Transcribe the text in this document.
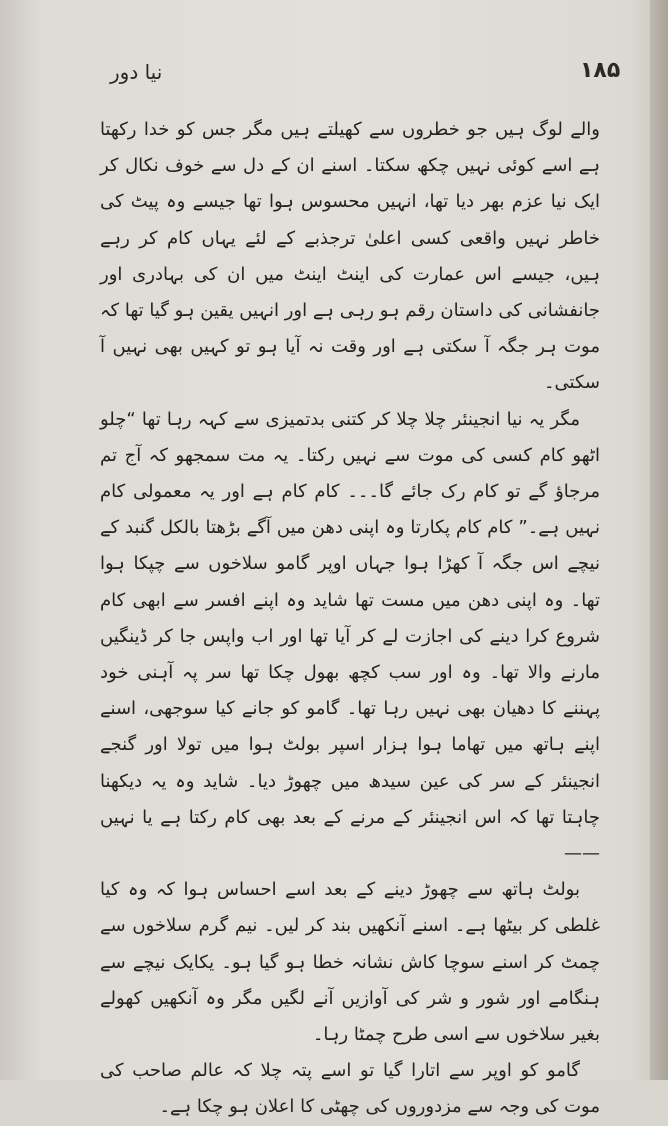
۱۸۵
نیا دور

والے لوگ ہیں جو خطروں سے کھیلتے ہیں مگر جس کو خدا رکھتا ہے اسے کوئی نہیں چکھ سکتا۔ اسنے ان کے دل سے خوف نکال کر ایک نیا عزم بھر دیا تھا، انہیں محسوس ہوا تھا جیسے وہ پیٹ کی خاطر نہیں واقعی کسی اعلیٰ ترجذبے کے لئے یہاں کام کر رہے ہیں، جیسے اس عمارت کی اینٹ اینٹ میں ان کی بہادری اور جانفشانی کی داستان رقم ہو رہی ہے اور انہیں یقین ہو گیا تھا کہ موت ہر جگہ آ سکتی ہے اور وقت نہ آیا ہو تو کہیں بھی نہیں آ سکتی۔

مگر یہ نیا انجینئر چلا چلا کر کتنی بدتمیزی سے کہہ رہا تھا “چلو اٹھو کام کسی کی موت سے نہیں رکتا۔ یہ مت سمجھو کہ آج تم مرجاؤ گے تو کام رک جائے گا۔۔۔ کام کام ہے اور یہ معمولی کام نہیں ہے۔” کام کام پکارتا وہ اپنی دھن میں آگے بڑھتا بالکل گنبد کے نیچے اس جگہ آ کھڑا ہوا جہاں اوپر گامو سلاخوں سے چپکا ہوا تھا۔ وہ اپنی دھن میں مست تھا شاید وہ اپنے افسر سے ابھی کام شروع کرا دینے کی اجازت لے کر آیا تھا اور اب واپس جا کر ڈینگیں مارنے والا تھا۔ وہ اور سب کچھ بھول چکا تھا سر پہ آہنی خود پہننے کا دھیان بھی نہیں رہا تھا۔ گامو کو جانے کیا سوجھی، اسنے اپنے ہاتھ میں تھاما ہوا ہزار اسپر بولٹ ہوا میں تولا اور گنجے انجینئر کے سر کی عین سیدھ میں چھوڑ دیا۔ شاید وہ یہ دیکھنا چاہتا تھا کہ اس انجینئر کے مرنے کے بعد بھی کام رکتا ہے یا نہیں ——

بولٹ ہاتھ سے چھوڑ دینے کے بعد اسے احساس ہوا کہ وہ کیا غلطی کر بیٹھا ہے۔ اسنے آنکھیں بند کر لیں۔ نیم گرم سلاخوں سے چمٹ کر اسنے سوچا کاش نشانہ خطا ہو گیا ہو۔ یکایک نیچے سے ہنگامے اور شور و شر کی آوازیں آنے لگیں مگر وہ آنکھیں کھولے بغیر سلاخوں سے اسی طرح چمٹا رہا۔

گامو کو اوپر سے اتارا گیا تو اسے پتہ چلا کہ عالم صاحب کی موت کی وجہ سے مزدوروں کی چھٹی کا اعلان ہو چکا ہے۔
